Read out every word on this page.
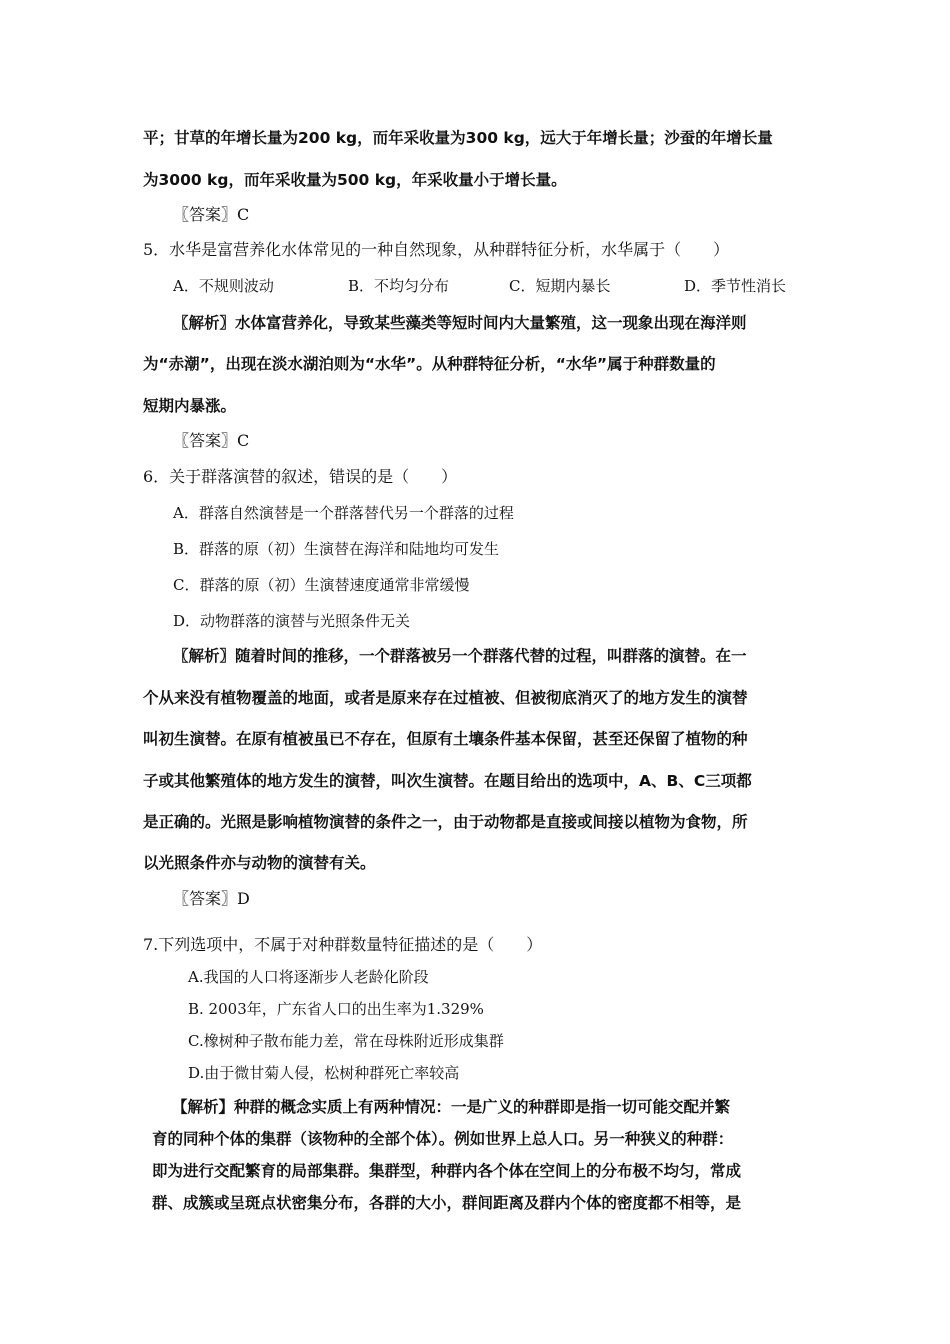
平；甘草的年增长量为200 kg，而年采收量为300 kg，远大于年增长量；沙蚕的年增长量
为3000 kg，而年采收量为500 kg，年采收量小于增长量。
〖答案〗C
5．水华是富营养化水体常见的一种自然现象，从种群特征分析，水华属于（　　）
A．不规则波动	B．不均匀分布	C．短期内暴长	D．季节性消长
〖解析〗水体富营养化，导致某些藻类等短时间内大量繁殖，这一现象出现在海洋则
为“赤潮”，出现在淡水湖泊则为“水华”。从种群特征分析，“水华”属于种群数量的
短期内暴涨。
〖答案〗C
6．关于群落演替的叙述，错误的是（　　）
A．群落自然演替是一个群落替代另一个群落的过程
B．群落的原（初）生演替在海洋和陆地均可发生
C．群落的原（初）生演替速度通常非常缓慢
D．动物群落的演替与光照条件无关
〖解析〗随着时间的推移，一个群落被另一个群落代替的过程，叫群落的演替。在一
个从来没有植物覆盖的地面，或者是原来存在过植被、但被彻底消灭了的地方发生的演替
叫初生演替。在原有植被虽已不存在，但原有土壤条件基本保留，甚至还保留了植物的种
子或其他繁殖体的地方发生的演替，叫次生演替。在题目给出的选项中，A、B、C三项都
是正确的。光照是影响植物演替的条件之一，由于动物都是直接或间接以植物为食物，所
以光照条件亦与动物的演替有关。
〖答案〗D
7.下列选项中，不属于对种群数量特征描述的是（　　）
A.我国的人口将逐渐步人老龄化阶段
B. 2003年，广东省人口的出生率为1.329%
C.橡树种子散布能力差，常在母株附近形成集群
D.由于微甘菊人侵，松树种群死亡率较高
【解析】种群的概念实质上有两种情况：一是广义的种群即是指一切可能交配并繁
育的同种个体的集群（该物种的全部个体）。例如世界上总人口。另一种狭义的种群：
即为进行交配繁育的局部集群。集群型，种群内各个体在空间上的分布极不均匀，常成
群、成簇或呈斑点状密集分布，各群的大小，群间距离及群内个体的密度都不相等，是
